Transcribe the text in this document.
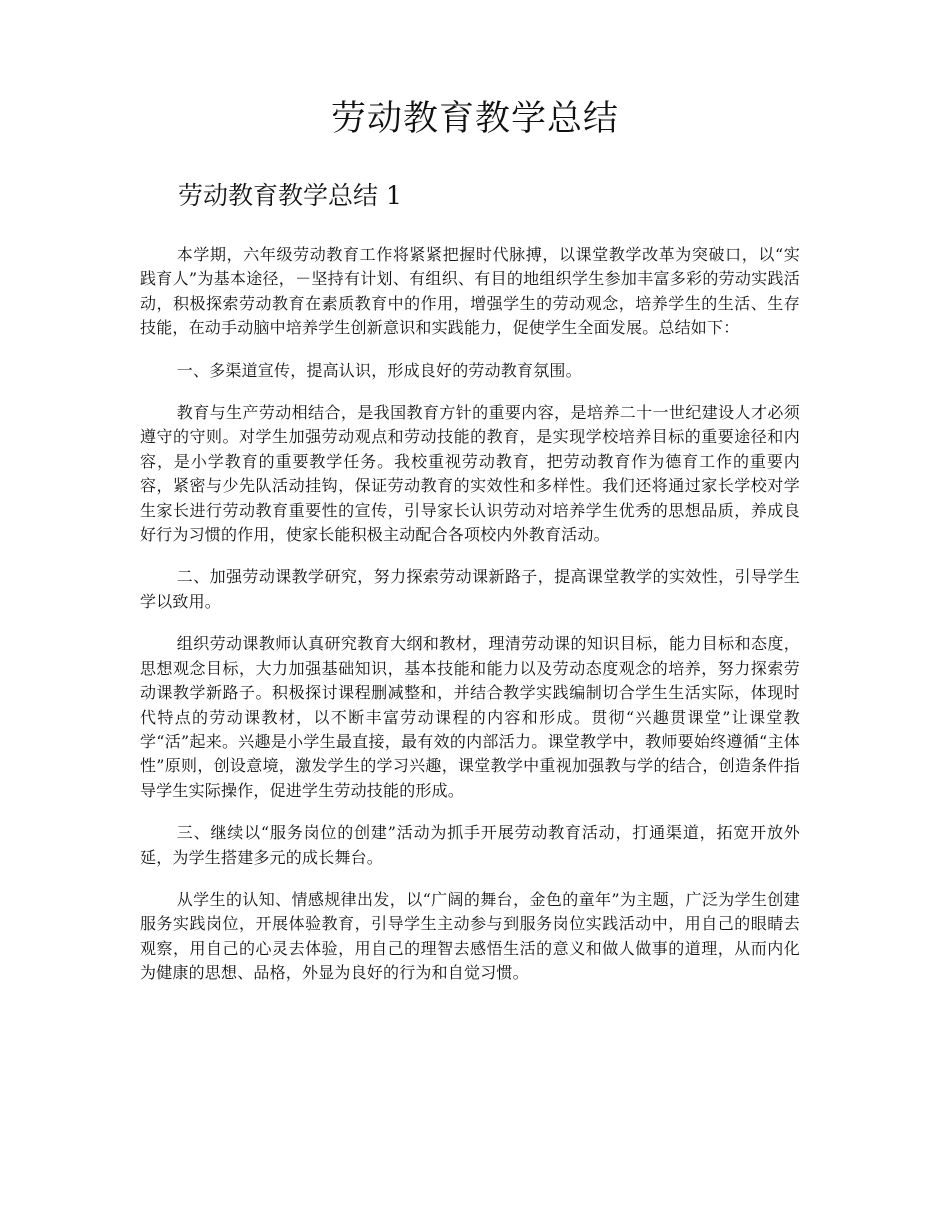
劳动教育教学总结
劳动教育教学总结 1

本学期，六年级劳动教育工作将紧紧把握时代脉搏，以课堂教学改革为突破口，以“实践育人”为基本途径，－坚持有计划、有组织、有目的地组织学生参加丰富多彩的劳动实践活动，积极探索劳动教育在素质教育中的作用，增强学生的劳动观念，培养学生的生活、生存技能，在动手动脑中培养学生创新意识和实践能力，促使学生全面发展。总结如下：

一、多渠道宣传，提高认识，形成良好的劳动教育氛围。

教育与生产劳动相结合，是我国教育方针的重要内容，是培养二十一世纪建设人才必须遵守的守则。对学生加强劳动观点和劳动技能的教育，是实现学校培养目标的重要途径和内容，是小学教育的重要教学任务。我校重视劳动教育，把劳动教育作为德育工作的重要内容，紧密与少先队活动挂钩，保证劳动教育的实效性和多样性。我们还将通过家长学校对学生家长进行劳动教育重要性的宣传，引导家长认识劳动对培养学生优秀的思想品质，养成良好行为习惯的作用，使家长能积极主动配合各项校内外教育活动。

二、加强劳动课教学研究，努力探索劳动课新路子，提高课堂教学的实效性，引导学生学以致用。

组织劳动课教师认真研究教育大纲和教材，理清劳动课的知识目标，能力目标和态度，思想观念目标，大力加强基础知识，基本技能和能力以及劳动态度观念的培养，努力探索劳动课教学新路子。积极探讨课程删减整和，并结合教学实践编制切合学生生活实际，体现时代特点的劳动课教材，以不断丰富劳动课程的内容和形成。贯彻“兴趣贯课堂”让课堂教学“活”起来。兴趣是小学生最直接，最有效的内部活力。课堂教学中，教师要始终遵循“主体性”原则，创设意境，激发学生的学习兴趣，课堂教学中重视加强教与学的结合，创造条件指导学生实际操作，促进学生劳动技能的形成。

三、继续以“服务岗位的创建”活动为抓手开展劳动教育活动，打通渠道，拓宽开放外延，为学生搭建多元的成长舞台。

从学生的认知、情感规律出发，以“广阔的舞台，金色的童年”为主题，广泛为学生创建服务实践岗位，开展体验教育，引导学生主动参与到服务岗位实践活动中，用自己的眼睛去观察，用自己的心灵去体验，用自己的理智去感悟生活的意义和做人做事的道理，从而内化为健康的思想、品格，外显为良好的行为和自觉习惯。
